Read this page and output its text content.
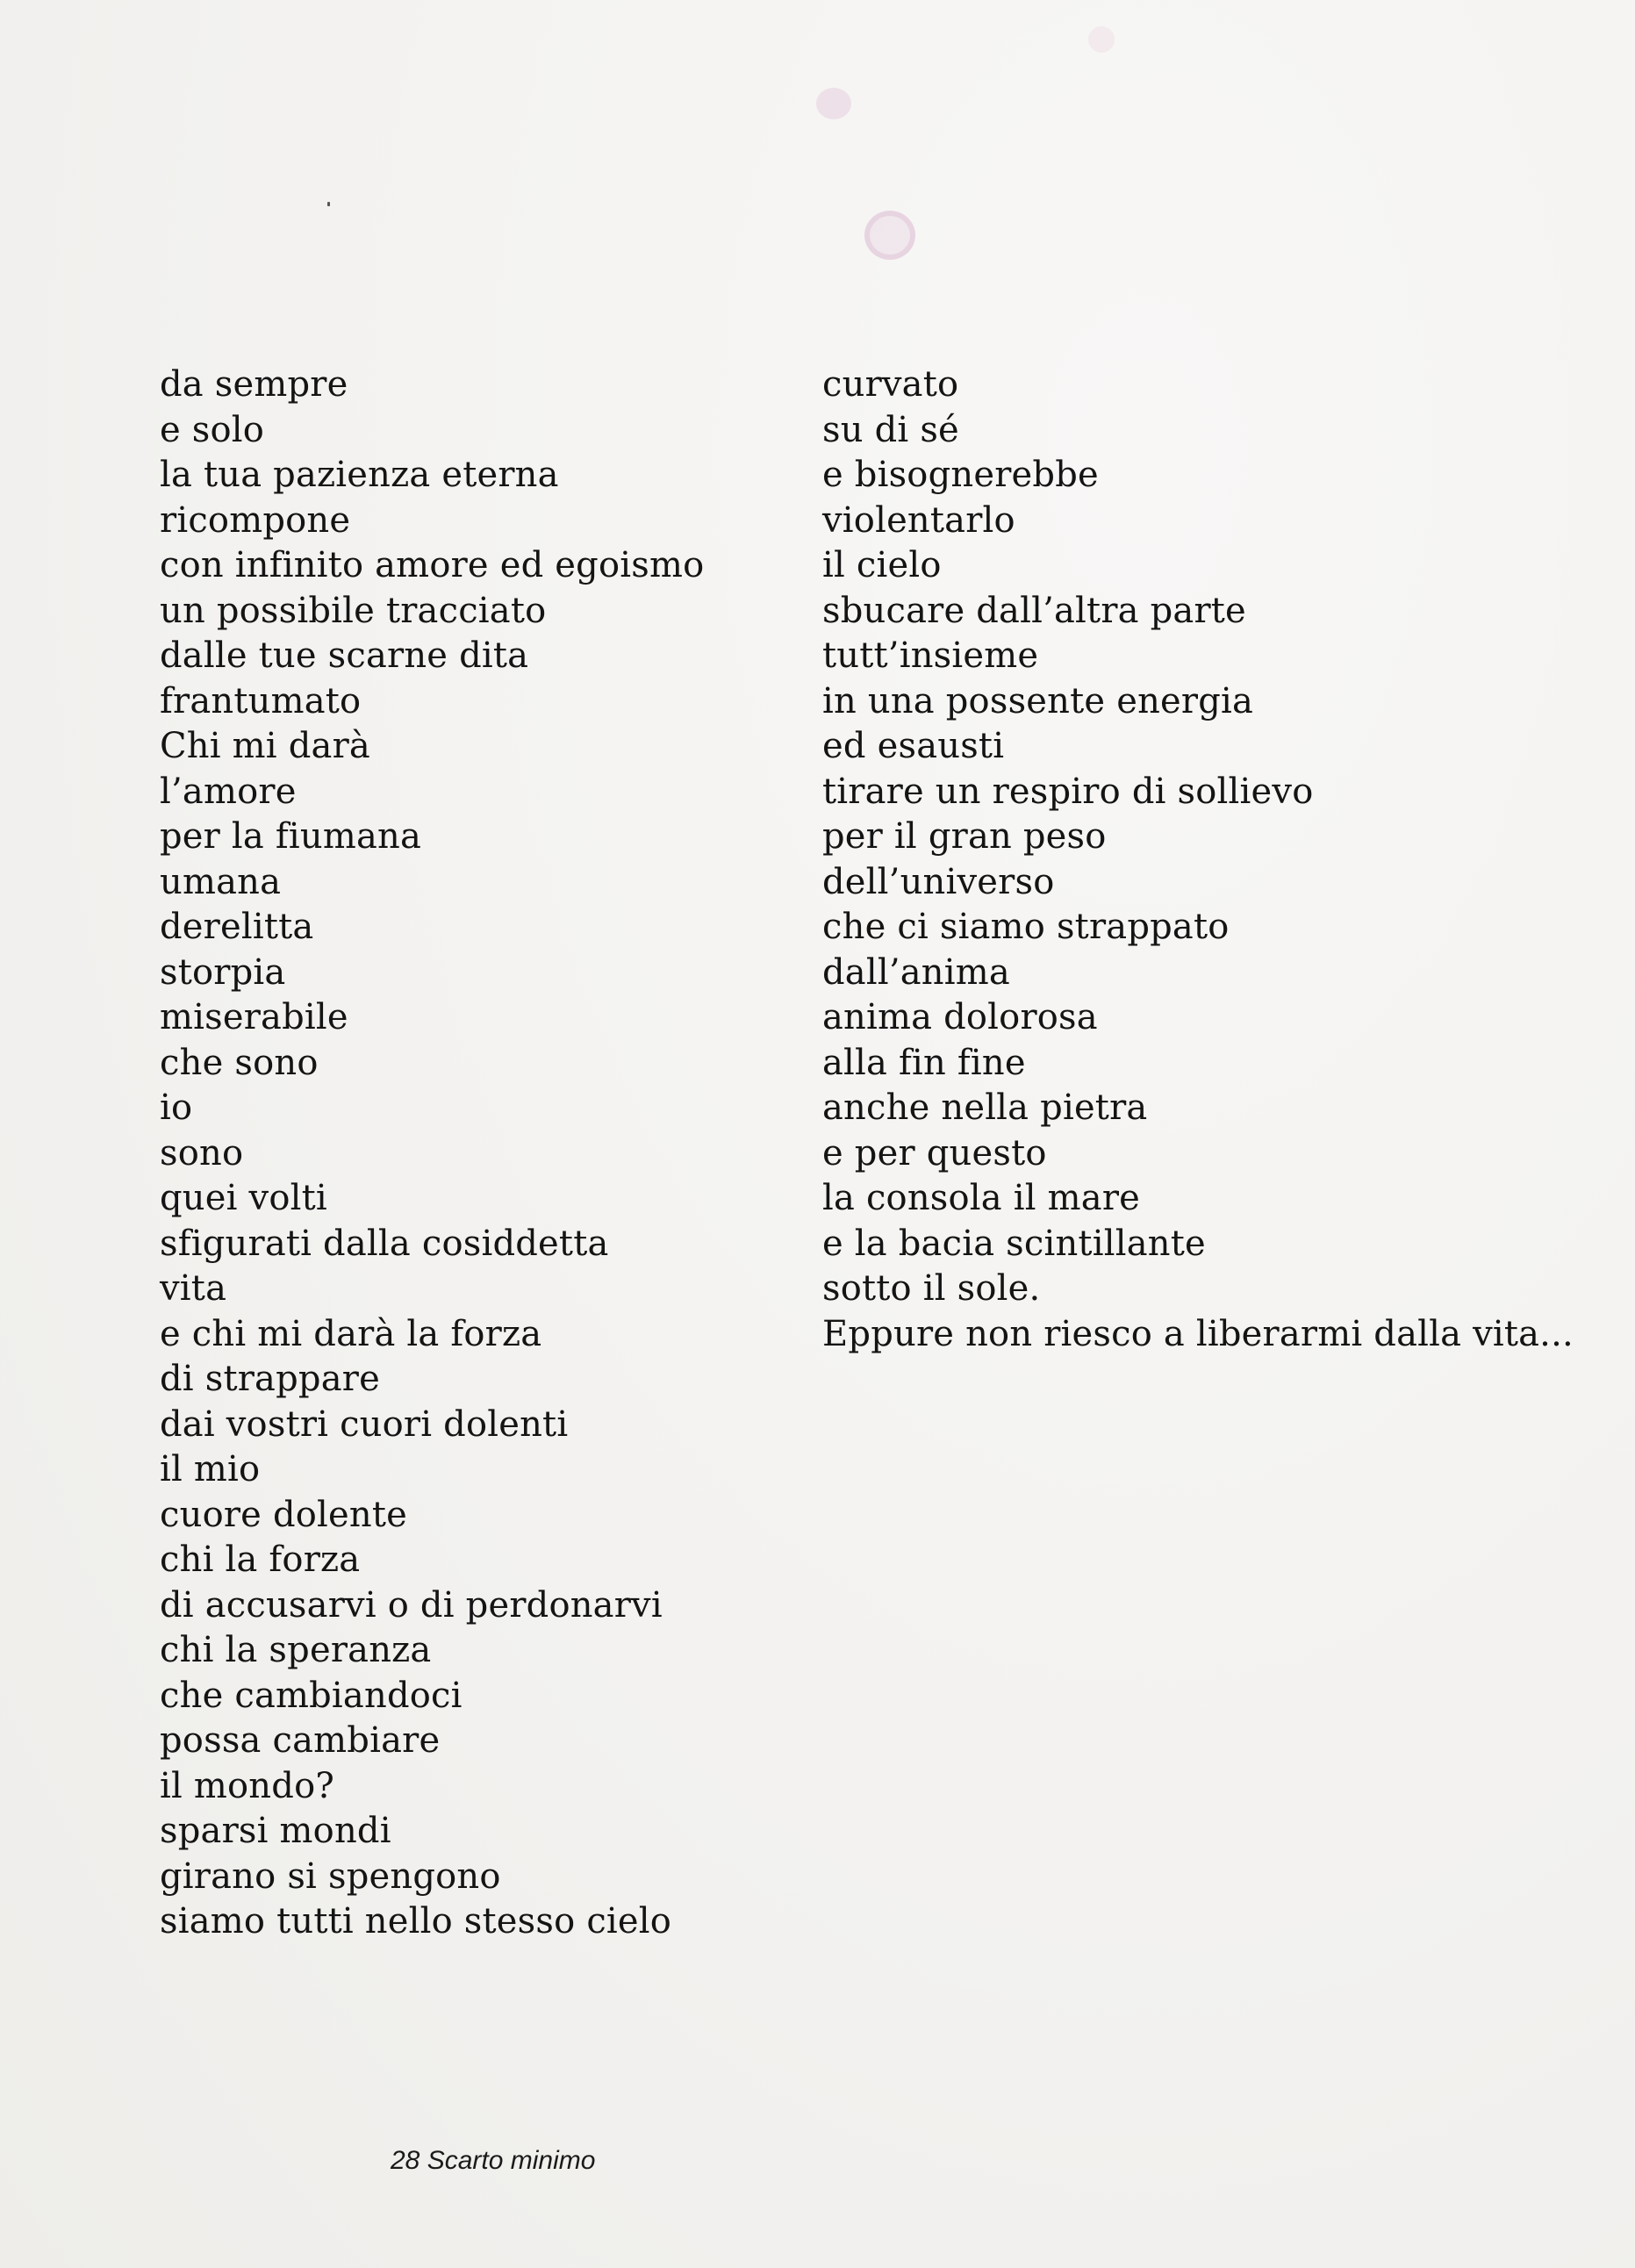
da sempre
e solo
la tua pazienza eterna
ricompone
con infinito amore ed egoismo
un possibile tracciato
dalle tue scarne dita
frantumato
Chi mi darà
l’amore
per la fiumana
umana
derelitta
storpia
miserabile
che sono
io
sono
quei volti
sfigurati dalla cosiddetta
vita
e chi mi darà la forza
di strappare
dai vostri cuori dolenti
il mio
cuore dolente
chi la forza
di accusarvi o di perdonarvi
chi la speranza
che cambiandoci
possa cambiare
il mondo?
sparsi mondi
girano si spengono
siamo tutti nello stesso cielo
curvato
su di sé
e bisognerebbe
violentarlo
il cielo
sbucare dall’altra parte
tutt’insieme
in una possente energia
ed esausti
tirare un respiro di sollievo
per il gran peso
dell’universo
che ci siamo strappato
dall’anima
anima dolorosa
alla fin fine
anche nella pietra
e per questo
la consola il mare
e la bacia scintillante
sotto il sole.
Eppure non riesco a liberarmi dalla vita...
28 Scarto minimo
